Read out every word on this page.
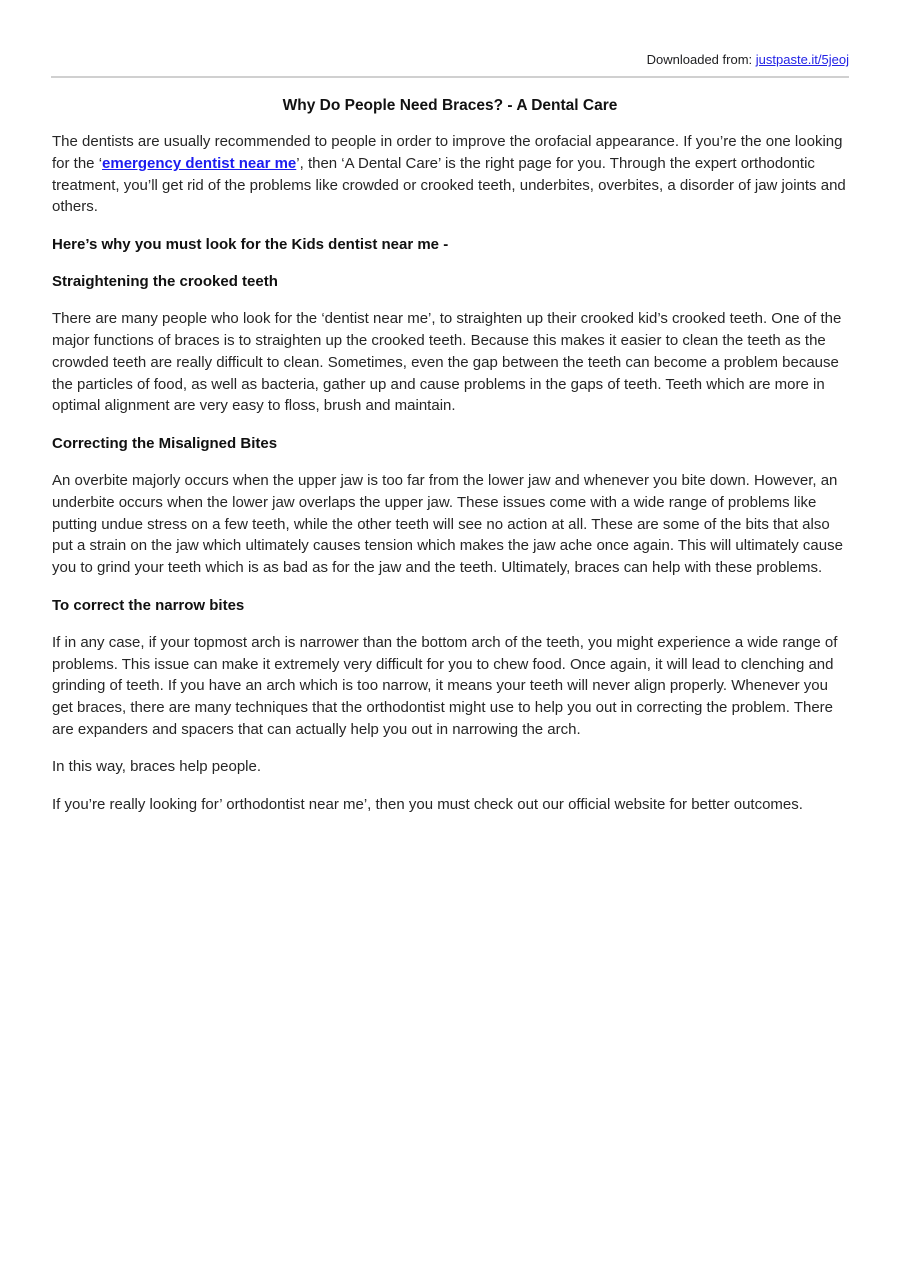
Downloaded from: justpaste.it/5jeoj
Why Do People Need Braces? - A Dental Care

The dentists are usually recommended to people in order to improve the orofacial appearance. If you’re the one looking for the ‘emergency dentist near me’, then ‘A Dental Care’ is the right page for you. Through the expert orthodontic treatment, you’ll get rid of the problems like crowded or crooked teeth, underbites, overbites, a disorder of jaw joints and others.

Here’s why you must look for the Kids dentist near me -

Straightening the crooked teeth

There are many people who look for the ‘dentist near me’, to straighten up their crooked kid’s crooked teeth. One of the major functions of braces is to straighten up the crooked teeth. Because this makes it easier to clean the teeth as the crowded teeth are really difficult to clean. Sometimes, even the gap between the teeth can become a problem because the particles of food, as well as bacteria, gather up and cause problems in the gaps of teeth. Teeth which are more in optimal alignment are very easy to floss, brush and maintain.

Correcting the Misaligned Bites

An overbite majorly occurs when the upper jaw is too far from the lower jaw and whenever you bite down. However, an underbite occurs when the lower jaw overlaps the upper jaw. These issues come with a wide range of problems like putting undue stress on a few teeth, while the other teeth will see no action at all. These are some of the bits that also put a strain on the jaw which ultimately causes tension which makes the jaw ache once again. This will ultimately cause you to grind your teeth which is as bad as for the jaw and the teeth. Ultimately, braces can help with these problems.

To correct the narrow bites

If in any case, if your topmost arch is narrower than the bottom arch of the teeth, you might experience a wide range of problems. This issue can make it extremely very difficult for you to chew food. Once again, it will lead to clenching and grinding of teeth. If you have an arch which is too narrow, it means your teeth will never align properly. Whenever you get braces, there are many techniques that the orthodontist might use to help you out in correcting the problem. There are expanders and spacers that can actually help you out in narrowing the arch.

In this way, braces help people.

If you’re really looking for’ orthodontist near me’, then you must check out our official website for better outcomes.
